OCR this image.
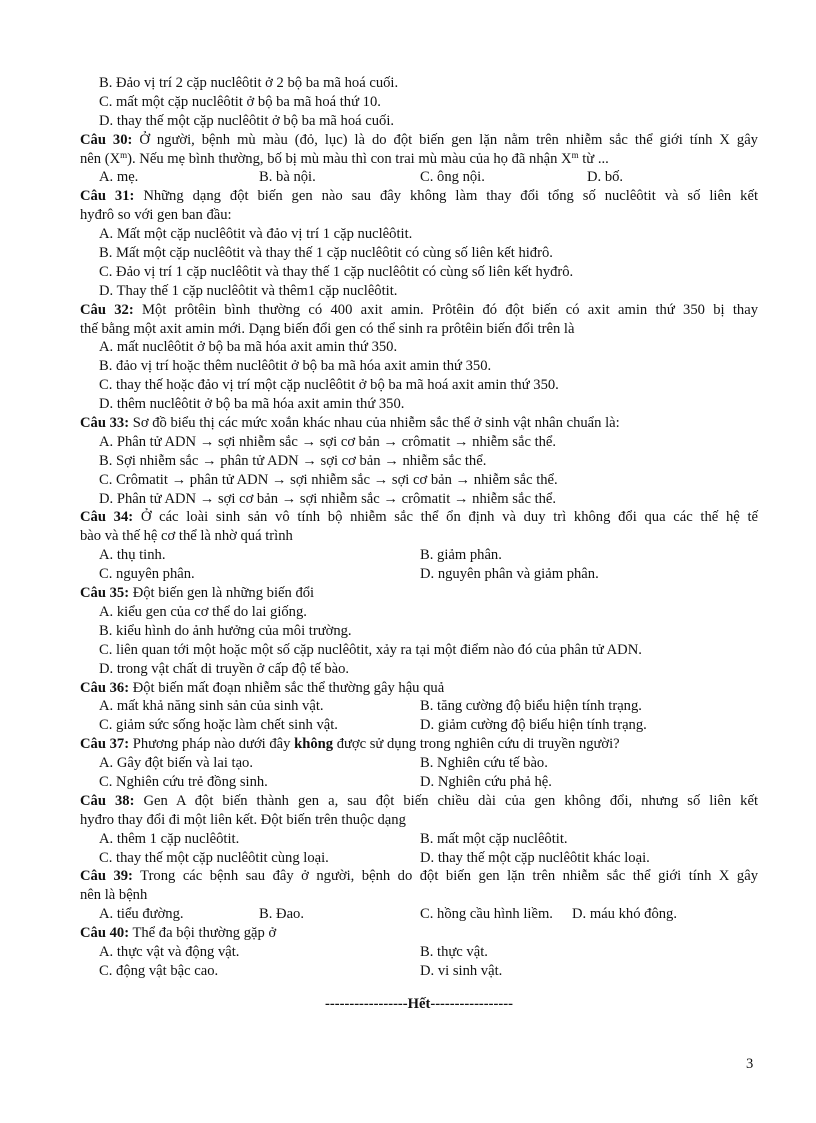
B. Đảo vị trí 2 cặp nuclêôtit ở 2 bộ ba mã hoá cuối.
C. mất một cặp nuclêôtit ở bộ ba mã hoá thứ 10.
D. thay thế một cặp nuclêôtit ở bộ ba mã hoá cuối.
Câu 30: Ở người, bệnh mù màu (đỏ, lục) là do đột biến gen lặn nằm trên nhiễm sắc thể giới tính X gây
nên $(X^m)$. Nếu mẹ bình thường, bố bị mù màu thì con trai mù màu của họ đã nhận $X^m$ từ ...
A. mẹ.	B. bà nội.	C. ông nội.	D. bố.
Câu 31: Những dạng đột biến gen nào sau đây không làm thay đổi tổng số nuclêôtit và số liên kết
hyđrô so với gen ban đầu:
A. Mất một cặp nuclêôtit và đảo vị trí 1 cặp nuclêôtit.
B. Mất một cặp nuclêôtit và thay thế 1 cặp nuclêôtit có cùng số liên kết hiđrô.
C. Đảo vị trí 1 cặp nuclêôtit và thay thế 1 cặp nuclêôtit có cùng số liên kết hyđrô.
D. Thay thế 1 cặp nuclêôtit và thêm1 cặp nuclêôtit.
Câu 32: Một prôtêin bình thường có 400 axit amin. Prôtêin đó đột biến có axit amin thứ 350 bị thay
thế bằng một axit amin mới. Dạng biến đổi gen có thể sinh ra prôtêin biến đổi trên là
A. mất nuclêôtit ở bộ ba mã hóa axit amin thứ 350.
B. đảo vị trí hoặc thêm nuclêôtit ở bộ ba mã hóa axit amin thứ 350.
C. thay thế hoặc đảo vị trí một cặp nuclêôtit ở bộ ba mã hoá axit amin thứ 350.
D. thêm nuclêôtit ở bộ ba mã hóa axit amin thứ 350.
Câu 33: Sơ đồ biểu thị các mức xoắn khác nhau của nhiễm sắc thể ở sinh vật nhân chuẩn là:
A. Phân tử ADN → sợi nhiễm sắc → sợi cơ bản → crômatit → nhiễm sắc thể.
B. Sợi nhiễm sắc → phân tử ADN → sợi cơ bản → nhiễm sắc thể.
C. Crômatit → phân tử ADN → sợi nhiễm sắc → sợi cơ bản → nhiễm sắc thể.
D. Phân tử ADN → sợi cơ bản → sợi nhiễm sắc → crômatit → nhiễm sắc thể.
Câu 34: Ở các loài sinh sản vô tính bộ nhiễm sắc thể ổn định và duy trì không đổi qua các thế hệ tế
bào và thế hệ cơ thể là nhờ quá trình
A. thụ tinh.	B. giảm phân.
C. nguyên phân.	D. nguyên phân và giảm phân.
Câu 35: Đột biến gen là những biến đổi
A. kiểu gen của cơ thể do lai giống.
B. kiểu hình do ảnh hưởng của môi trường.
C. liên quan tới một hoặc một số cặp nuclêôtit, xảy ra tại một điểm nào đó của phân tử ADN.
D. trong vật chất di truyền ở cấp độ tế bào.
Câu 36: Đột biến mất đoạn nhiễm sắc thể thường gây hậu quả
A. mất khả năng sinh sản của sinh vật.	B. tăng cường độ biểu hiện tính trạng.
C. giảm sức sống hoặc làm chết sinh vật.	D. giảm cường độ biểu hiện tính trạng.
Câu 37: Phương pháp nào dưới đây không được sử dụng trong nghiên cứu di truyền người?
A. Gây đột biến và lai tạo.	B. Nghiên cứu tế bào.
C. Nghiên cứu trẻ đồng sinh.	D. Nghiên cứu phả hệ.
Câu 38: Gen A đột biến thành gen a, sau đột biến chiều dài của gen không đổi, nhưng số liên kết
hyđro thay đổi đi một liên kết. Đột biến trên thuộc dạng
A. thêm 1 cặp nuclêôtit.	B. mất một cặp nuclêôtit.
C. thay thế một cặp nuclêôtit cùng loại.	D. thay thế một cặp nuclêôtit khác loại.
Câu 39: Trong các bệnh sau đây ở người, bệnh do đột biến gen lặn trên nhiễm sắc thể giới tính X gây
nên là bệnh
A. tiểu đường.	B. Đao.	C. hồng cầu hình liềm.	D. máu khó đông.
Câu 40: Thể đa bội thường gặp ở
A. thực vật và động vật.	B. thực vật.
C. động vật bậc cao.	D. vi sinh vật.
-----------------Hết-----------------
3
